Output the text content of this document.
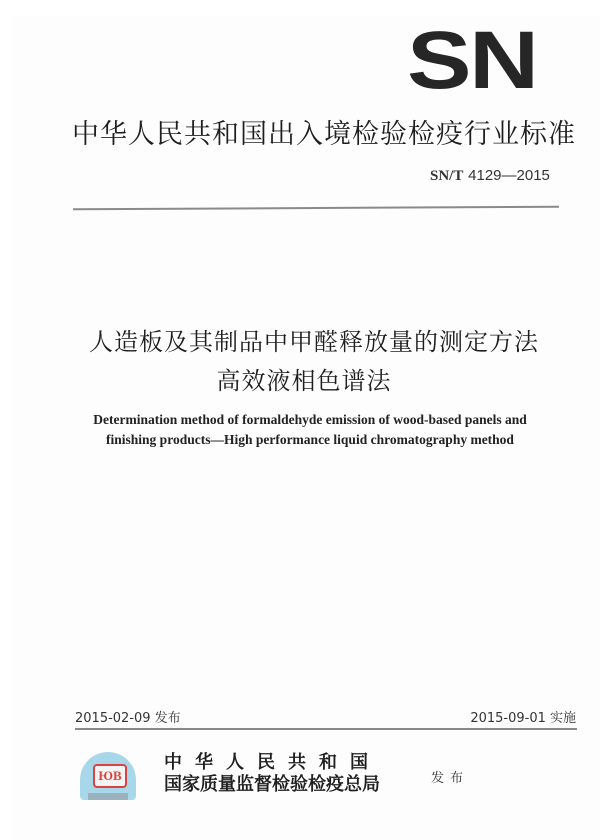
SN
中华人民共和国出入境检验检疫行业标准
SN/T 4129—2015
人造板及其制品中甲醛释放量的测定方法
高效液相色谱法
Determination method of formaldehyde emission of wood-based panels and
finishing products—High performance liquid chromatography method
2015-02-09 发布	2015-09-01 实施
ЮB
中华人民共和国
国家质量监督检验检疫总局	发布
